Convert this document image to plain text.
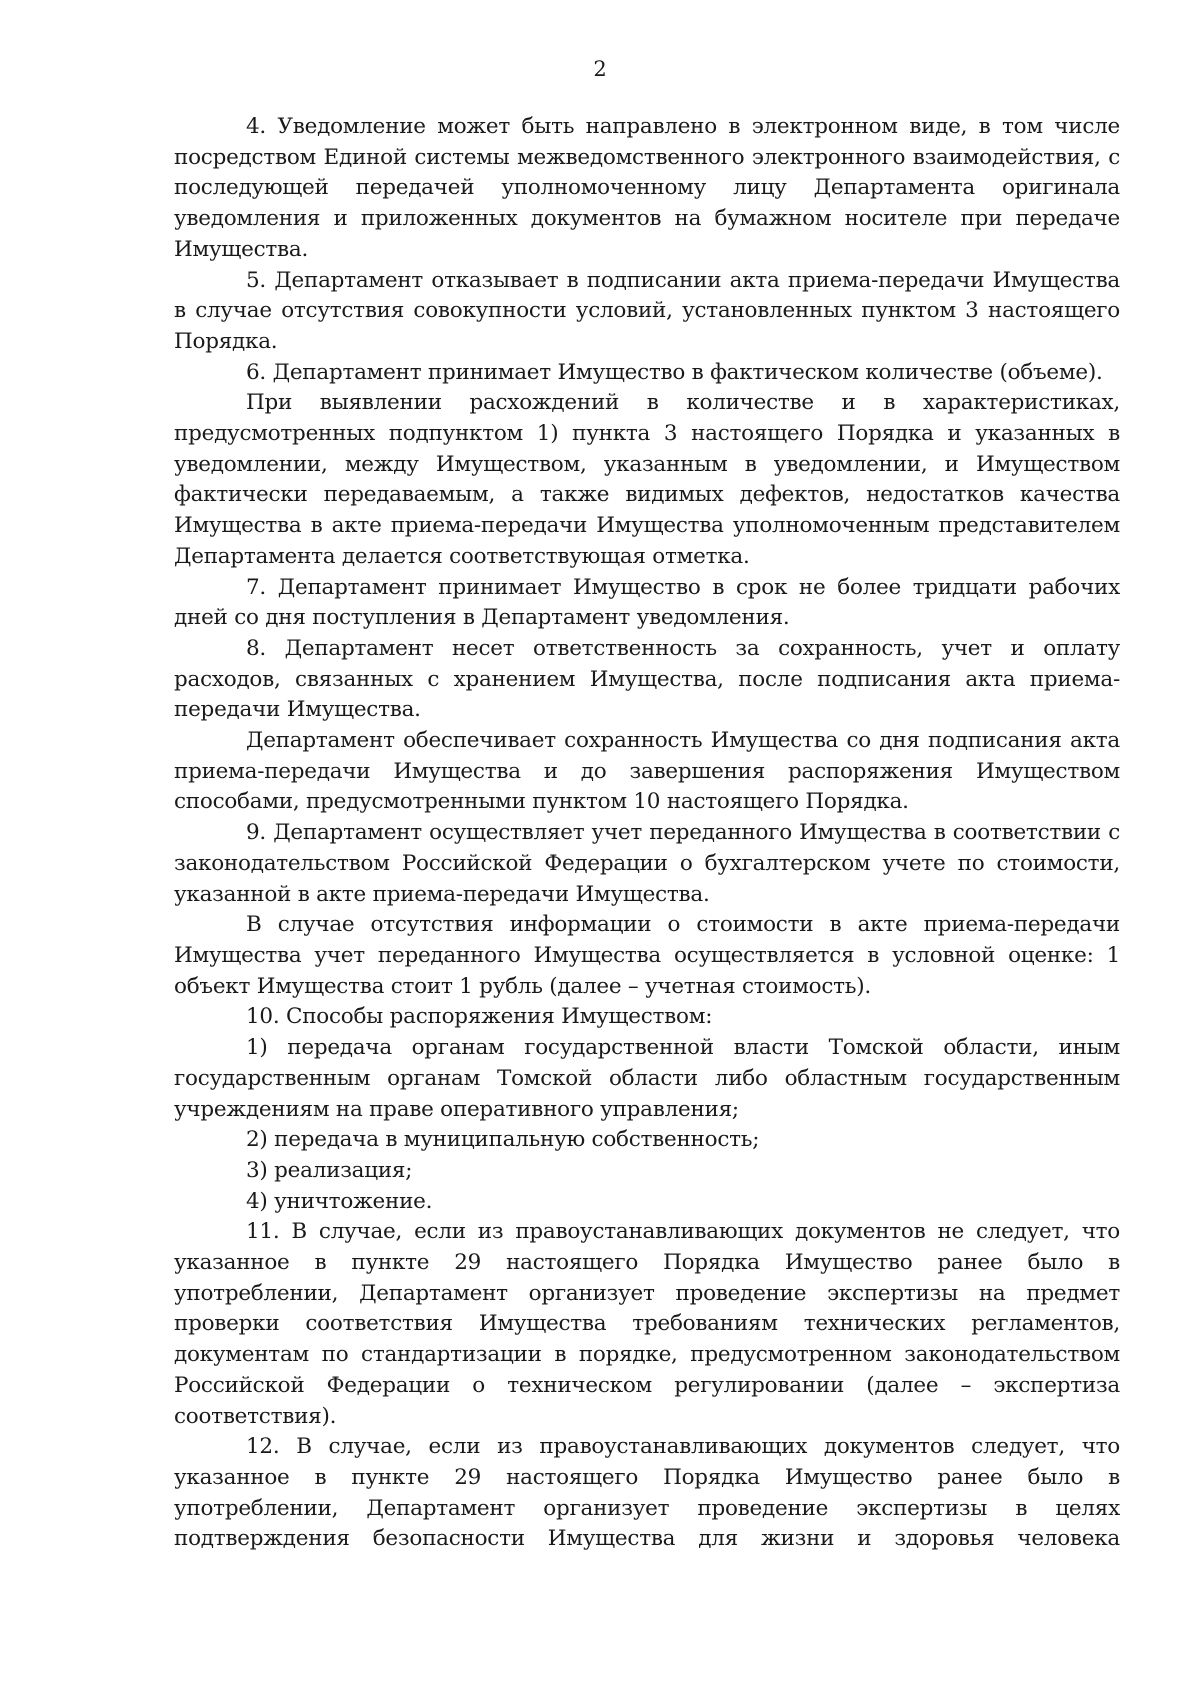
2

4. Уведомление может быть направлено в электронном виде, в том числе посредством Единой системы межведомственного электронного взаимодействия, с последующей передачей уполномоченному лицу Департамента оригинала уведомления и приложенных документов на бумажном носителе при передаче Имущества.

5. Департамент отказывает в подписании акта приема-передачи Имущества в случае отсутствия совокупности условий, установленных пунктом 3 настоящего Порядка.

6. Департамент принимает Имущество в фактическом количестве (объеме).

При выявлении расхождений в количестве и в характеристиках, предусмотренных подпунктом 1) пункта 3 настоящего Порядка и указанных в уведомлении, между Имуществом, указанным в уведомлении, и Имуществом фактически передаваемым, а также видимых дефектов, недостатков качества Имущества в акте приема-передачи Имущества уполномоченным представителем Департамента делается соответствующая отметка.

7. Департамент принимает Имущество в срок не более тридцати рабочих дней со дня поступления в Департамент уведомления.

8. Департамент несет ответственность за сохранность, учет и оплату расходов, связанных с хранением Имущества, после подписания акта приема-передачи Имущества.

Департамент обеспечивает сохранность Имущества со дня подписания акта приема-передачи Имущества и до завершения распоряжения Имуществом способами, предусмотренными пунктом 10 настоящего Порядка.

9. Департамент осуществляет учет переданного Имущества в соответствии с законодательством Российской Федерации о бухгалтерском учете по стоимости, указанной в акте приема-передачи Имущества.

В случае отсутствия информации о стоимости в акте приема-передачи Имущества учет переданного Имущества осуществляется в условной оценке: 1 объект Имущества стоит 1 рубль (далее – учетная стоимость).

10. Способы распоряжения Имуществом:

1) передача органам государственной власти Томской области, иным государственным органам Томской области либо областным государственным учреждениям на праве оперативного управления;

2) передача в муниципальную собственность;

3) реализация;

4) уничтожение.

11. В случае, если из правоустанавливающих документов не следует, что указанное в пункте 29 настоящего Порядка Имущество ранее было в употреблении, Департамент организует проведение экспертизы на предмет проверки соответствия Имущества требованиям технических регламентов, документам по стандартизации в порядке, предусмотренном законодательством Российской Федерации о техническом регулировании (далее – экспертиза соответствия).

12. В случае, если из правоустанавливающих документов следует, что указанное в пункте 29 настоящего Порядка Имущество ранее было в употреблении, Департамент организует проведение экспертизы в целях подтверждения безопасности Имущества для жизни и здоровья человека
